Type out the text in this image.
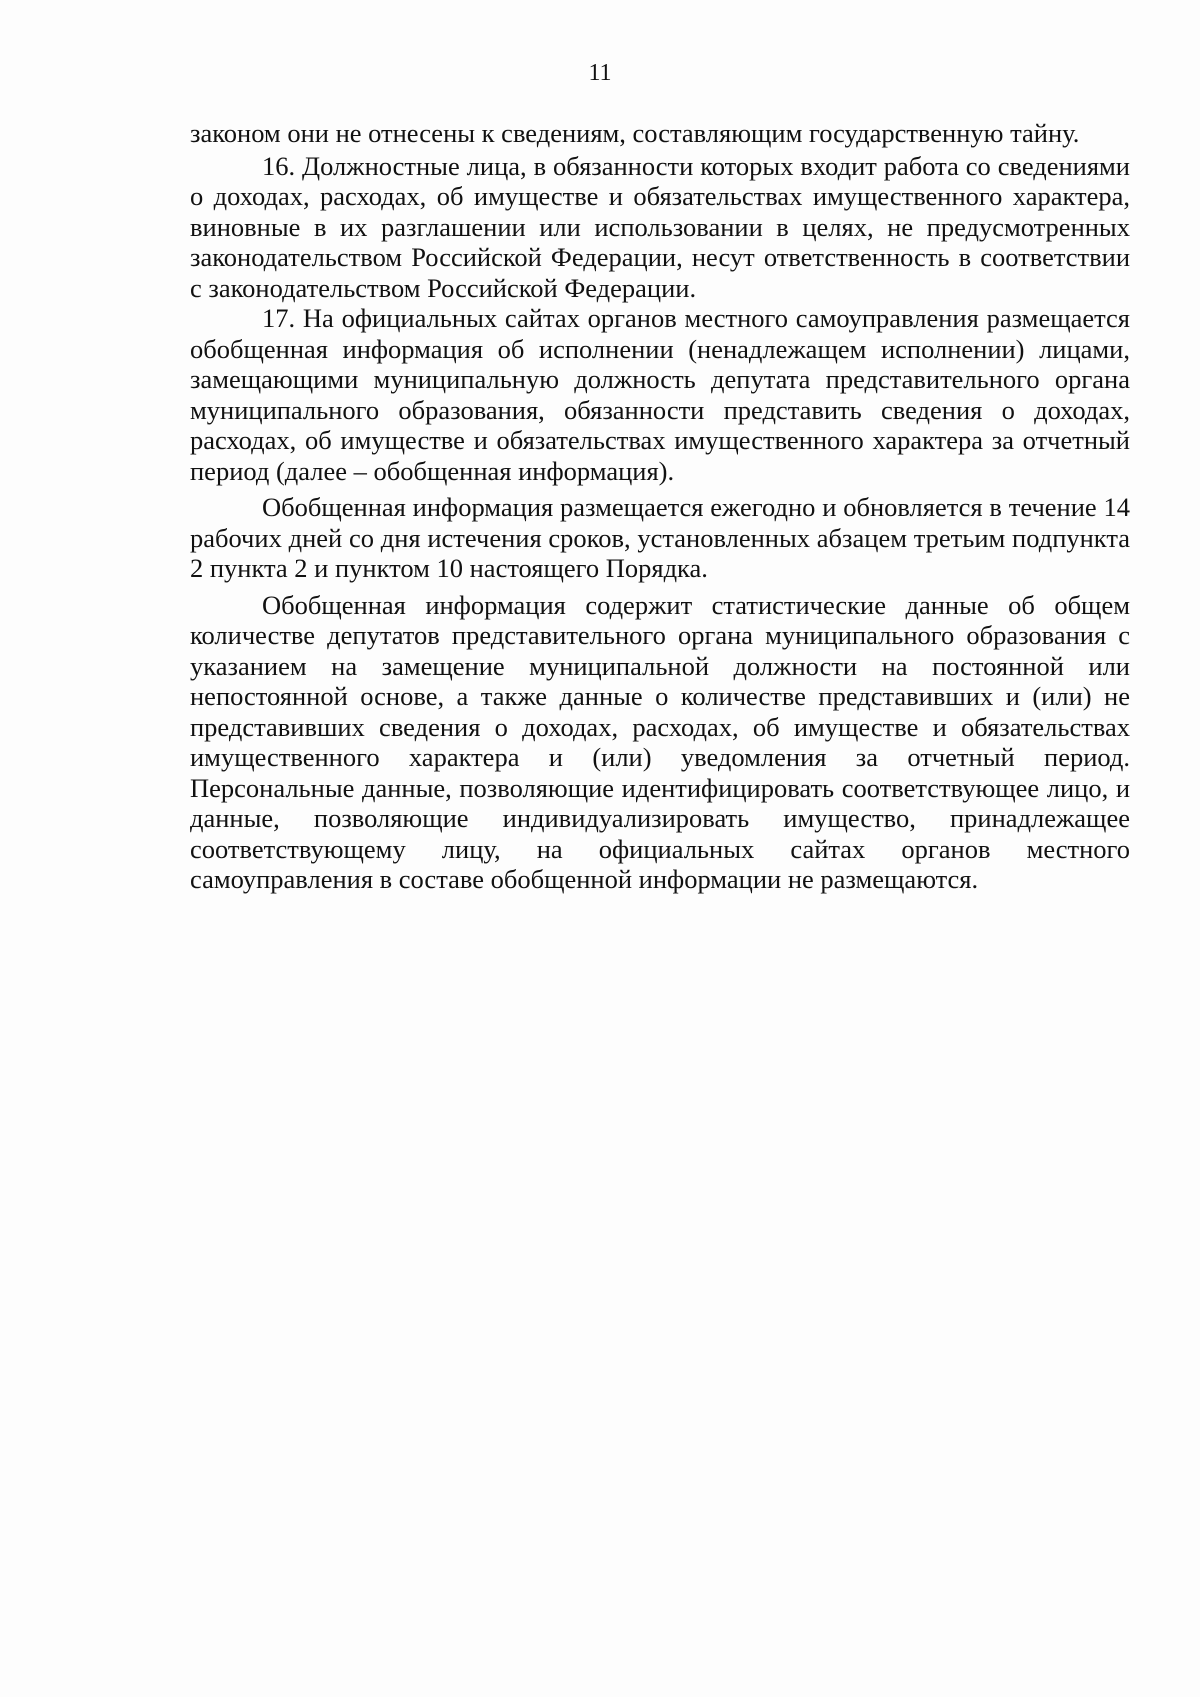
11

законом они не отнесены к сведениям, составляющим государственную тайну.

16. Должностные лица, в обязанности которых входит работа со сведениями о доходах, расходах, об имуществе и обязательствах имущественного характера, виновные в их разглашении или использовании в целях, не предусмотренных законодательством Российской Федерации, несут ответственность в соответствии с законодательством Российской Федерации.

17. На официальных сайтах органов местного самоуправления размещается обобщенная информация об исполнении (ненадлежащем исполнении) лицами, замещающими муниципальную должность депутата представительного органа муниципального образования, обязанности представить сведения о доходах, расходах, об имуществе и обязательствах имущественного характера за отчетный период (далее – обобщенная информация).

Обобщенная информация размещается ежегодно и обновляется в течение 14 рабочих дней со дня истечения сроков, установленных абзацем третьим подпункта 2 пункта 2 и пунктом 10 настоящего Порядка.

Обобщенная информация содержит статистические данные об общем количестве депутатов представительного органа муниципального образования с указанием на замещение муниципальной должности на постоянной или непостоянной основе, а также данные о количестве представивших и (или) не представивших сведения о доходах, расходах, об имуществе и обязательствах имущественного характера и (или) уведомления за отчетный период. Персональные данные, позволяющие идентифицировать соответствующее лицо, и данные, позволяющие индивидуализировать имущество, принадлежащее соответствующему лицу, на официальных сайтах органов местного самоуправления в составе обобщенной информации не размещаются.
